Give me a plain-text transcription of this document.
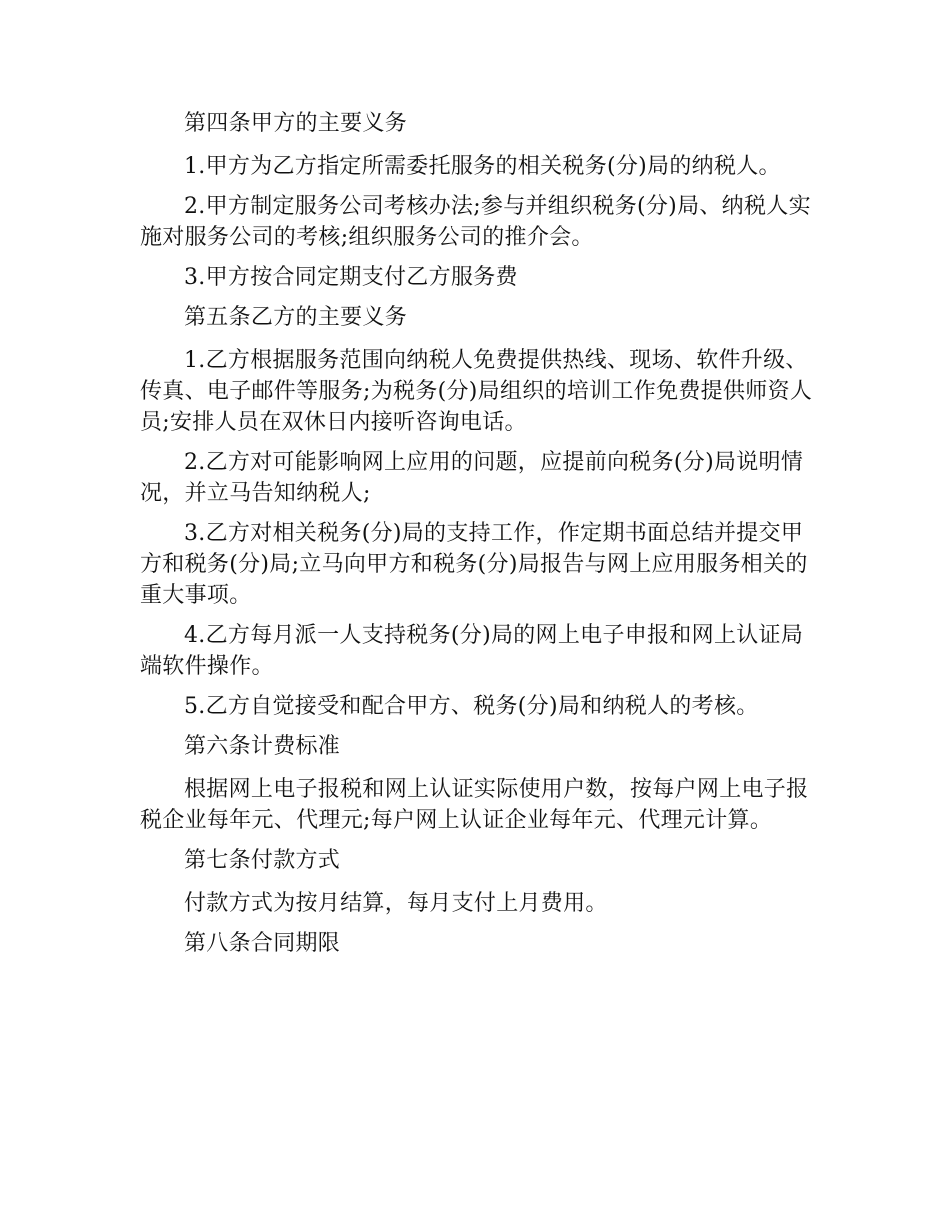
第四条甲方的主要义务

1.甲方为乙方指定所需委托服务的相关税务(分)局的纳税人。

2.甲方制定服务公司考核办法;参与并组织税务(分)局、纳税人实施对服务公司的考核;组织服务公司的推介会。

3.甲方按合同定期支付乙方服务费

第五条乙方的主要义务

1.乙方根据服务范围向纳税人免费提供热线、现场、软件升级、传真、电子邮件等服务;为税务(分)局组织的培训工作免费提供师资人员;安排人员在双休日内接听咨询电话。

2.乙方对可能影响网上应用的问题，应提前向税务(分)局说明情况，并立马告知纳税人;

3.乙方对相关税务(分)局的支持工作，作定期书面总结并提交甲方和税务(分)局;立马向甲方和税务(分)局报告与网上应用服务相关的重大事项。

4.乙方每月派一人支持税务(分)局的网上电子申报和网上认证局端软件操作。

5.乙方自觉接受和配合甲方、税务(分)局和纳税人的考核。

第六条计费标准

根据网上电子报税和网上认证实际使用户数，按每户网上电子报税企业每年元、代理元;每户网上认证企业每年元、代理元计算。

第七条付款方式

付款方式为按月结算，每月支付上月费用。

第八条合同期限
